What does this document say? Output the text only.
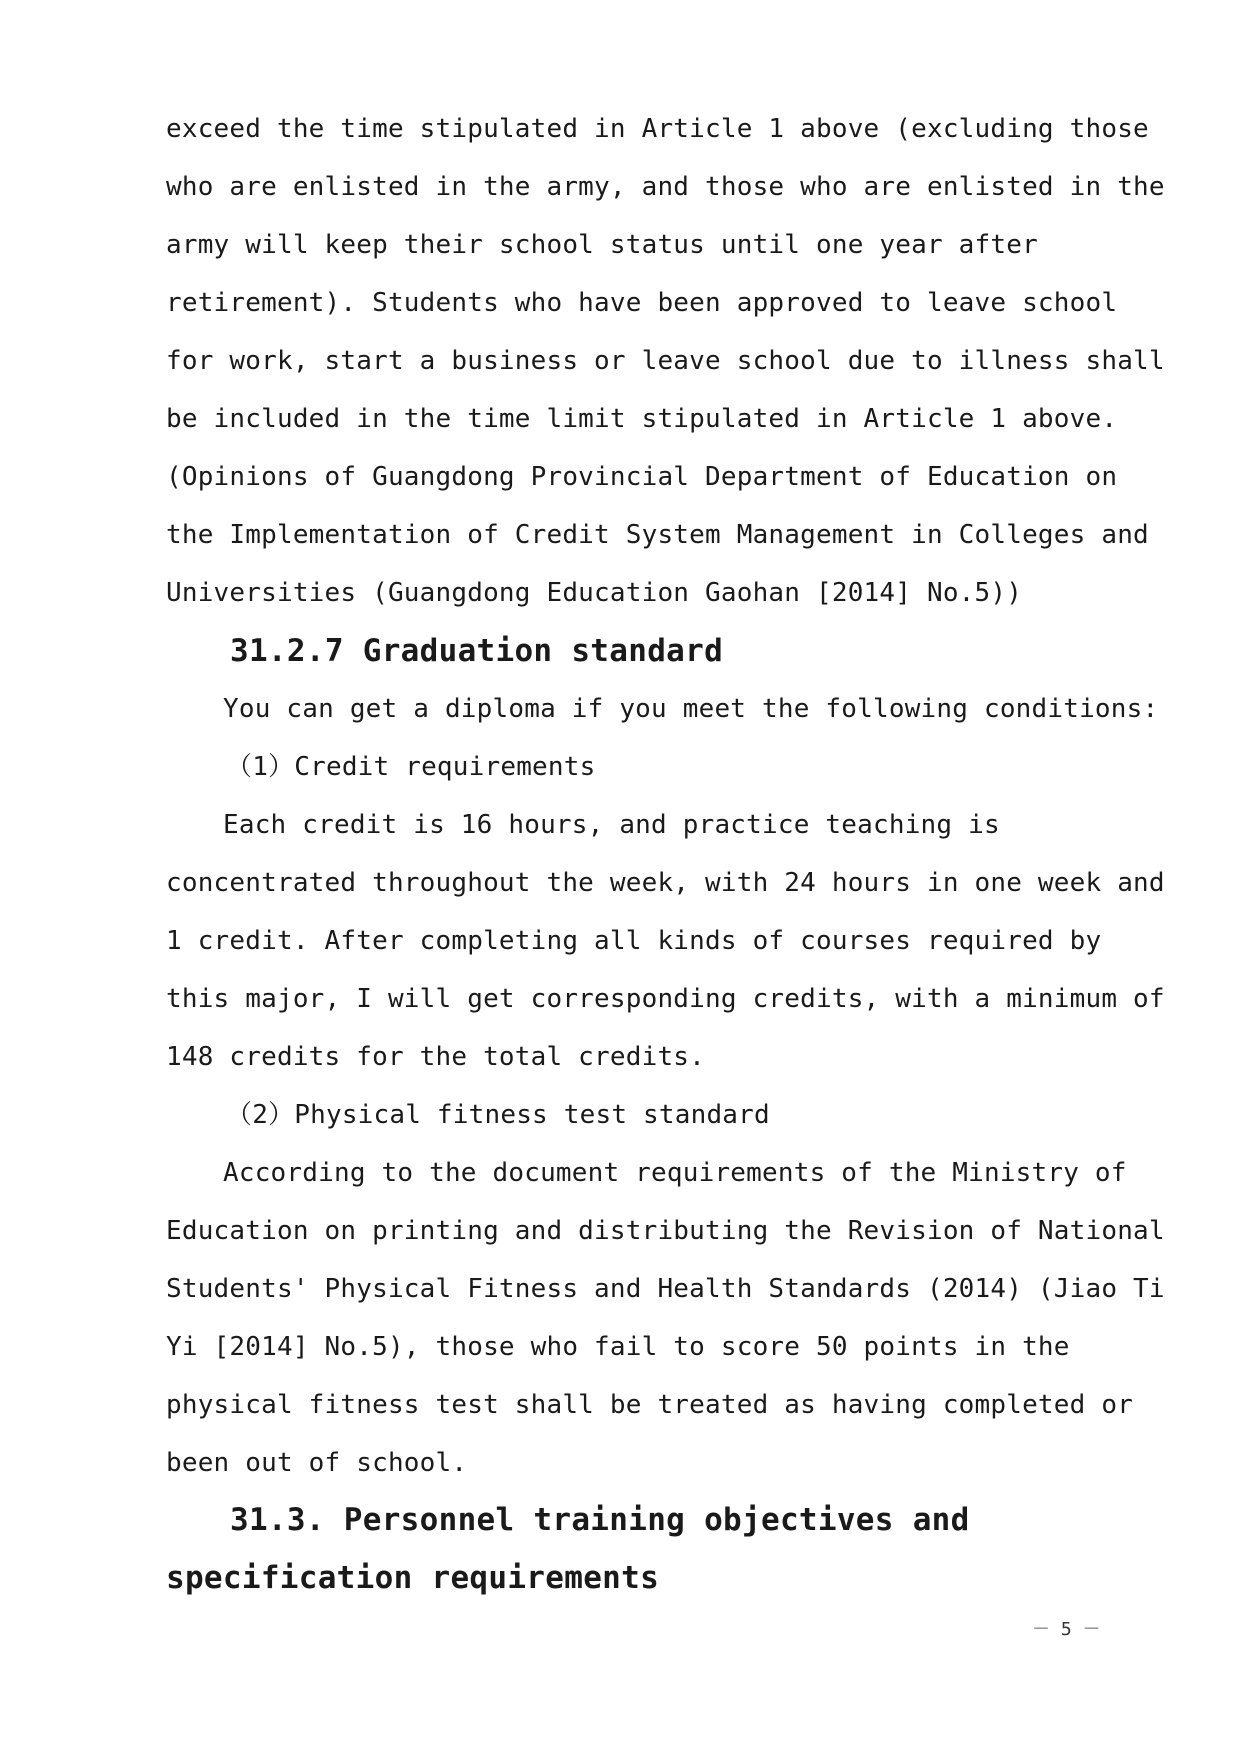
exceed the time stipulated in Article 1 above (excluding those
who are enlisted in the army, and those who are enlisted in the
army will keep their school status until one year after
retirement). Students who have been approved to leave school
for work, start a business or leave school due to illness shall
be included in the time limit stipulated in Article 1 above.
(Opinions of Guangdong Provincial Department of Education on
the Implementation of Credit System Management in Colleges and
Universities (Guangdong Education Gaohan [2014] No.5))
31.2.7 Graduation standard
You can get a diploma if you meet the following conditions:
（1）Credit requirements
Each credit is 16 hours, and practice teaching is
concentrated throughout the week, with 24 hours in one week and
1 credit. After completing all kinds of courses required by
this major, I will get corresponding credits, with a minimum of
148 credits for the total credits.
（2）Physical fitness test standard
According to the document requirements of the Ministry of
Education on printing and distributing the Revision of National
Students' Physical Fitness and Health Standards (2014) (Jiao Ti
Yi [2014] No.5), those who fail to score 50 points in the
physical fitness test shall be treated as having completed or
been out of school.
31.3. Personnel training objectives and
specification requirements
－ 5 －
